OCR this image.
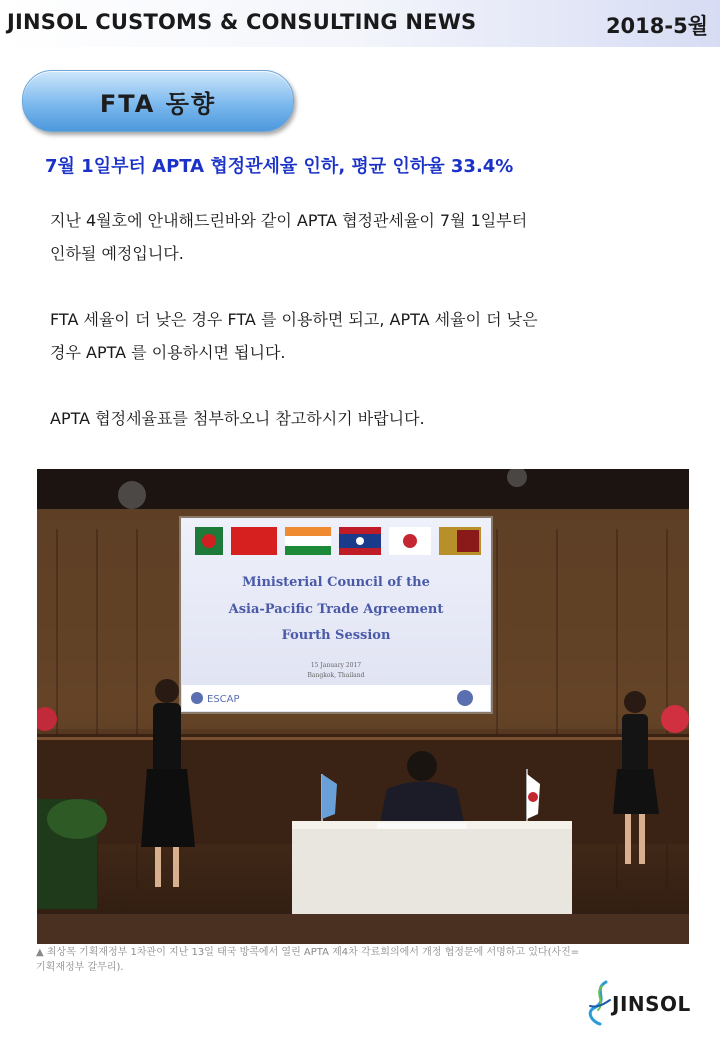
JINSOL CUSTOMS & CONSULTING NEWS	2018-5월
FTA 동향
7월 1일부터 APTA 협정관세율 인하, 평균 인하율 33.4%

지난 4월호에 안내해드린바와 같이 APTA 협정관세율이 7월 1일부터
인하될 예정입니다.

FTA 세율이 더 낮은 경우 FTA 를 이용하면 되고, APTA 세율이 더 낮은
경우 APTA 를 이용하시면 됩니다.

APTA 협정세율표를 첨부하오니 참고하시기 바랍니다.

Ministerial Council of the
Asia-Pacific Trade Agreement
Fourth Session
15 January 2017
Bangkok, Thailand
ESCAP
▲ 최상목 기획재정부 1차관이 지난 13일 태국 방콕에서 열린 APTA 제4차 각료회의에서 개정 협정문에 서명하고 있다(사진=
기획재정부 갈무리).
JINSOL
